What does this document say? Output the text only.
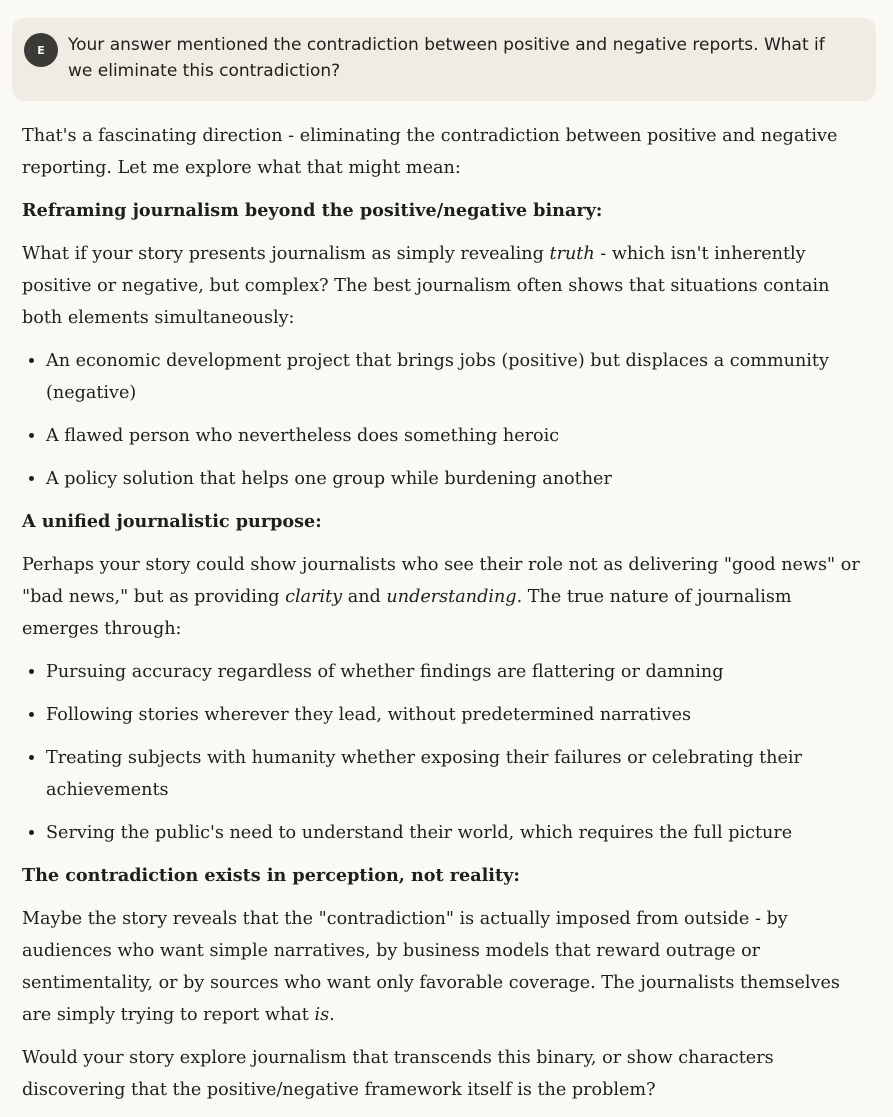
E	Your answer mentioned the contradiction between positive and negative reports. What if we eliminate this contradiction?

That's a fascinating direction - eliminating the contradiction between positive and negative reporting. Let me explore what that might mean:

Reframing journalism beyond the positive/negative binary:

What if your story presents journalism as simply revealing truth - which isn't inherently positive or negative, but complex? The best journalism often shows that situations contain both elements simultaneously:

• An economic development project that brings jobs (positive) but displaces a community (negative)
• A flawed person who nevertheless does something heroic
• A policy solution that helps one group while burdening another

A unified journalistic purpose:

Perhaps your story could show journalists who see their role not as delivering "good news" or "bad news," but as providing clarity and understanding. The true nature of journalism emerges through:

• Pursuing accuracy regardless of whether findings are flattering or damning
• Following stories wherever they lead, without predetermined narratives
• Treating subjects with humanity whether exposing their failures or celebrating their achievements
• Serving the public's need to understand their world, which requires the full picture

The contradiction exists in perception, not reality:

Maybe the story reveals that the "contradiction" is actually imposed from outside - by audiences who want simple narratives, by business models that reward outrage or sentimentality, or by sources who want only favorable coverage. The journalists themselves are simply trying to report what is.

Would your story explore journalism that transcends this binary, or show characters discovering that the positive/negative framework itself is the problem?
